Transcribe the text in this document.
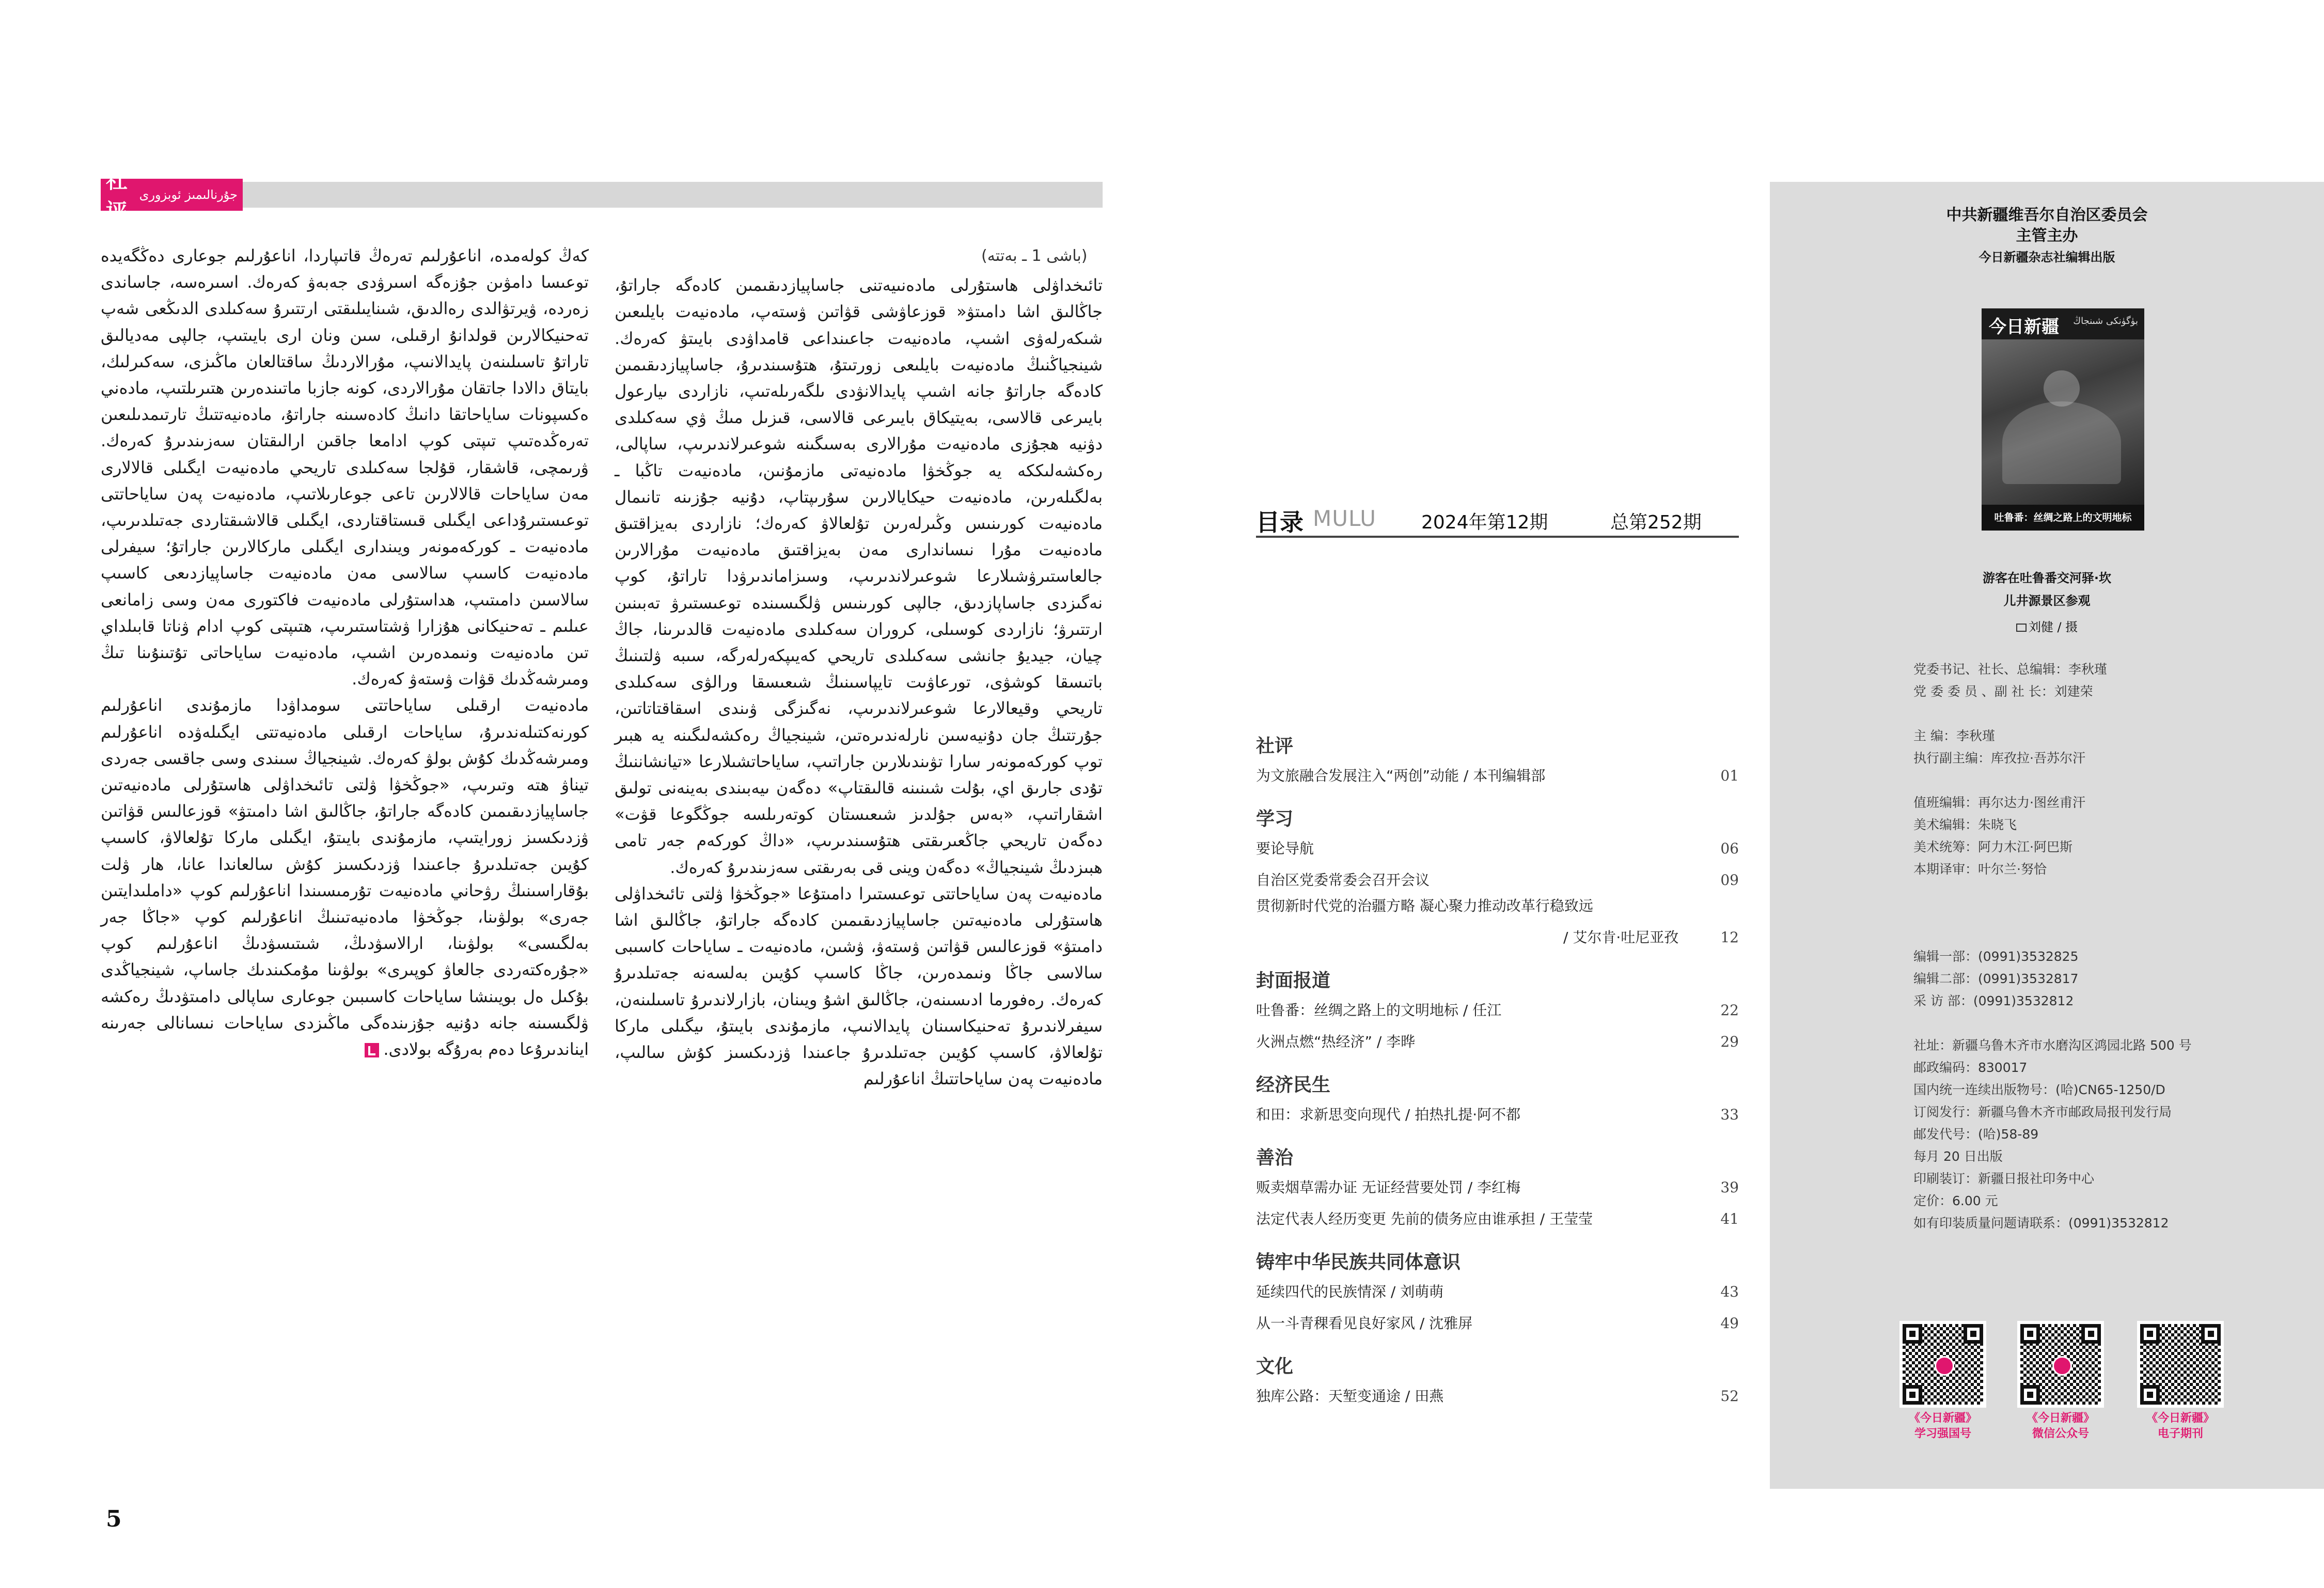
社评
جۇرنالىمىز ئوبزورى
(باشى 1 ـ بەتتە)

تائىخداۋلى ھاستۇرلى مادەنىيەتنى جاساپيازدىقىمىن كادەگە جاراتۇ، جاڭالىق اشا دامىتۋ« قوزعاۋشى قۋاتىن ۋستەپ، مادەنيەت بايلىعىن شىكەرلەۋى اشىپ، مادەنيەت جاعىنداعى قامداۋدى بايىتۋ كەرەك. شينجياڭنىڭ مادەنيەت بايلىعى زورتىتۇ، ھتۇسىندىرۇ، جاساپيازدىقىمىن كادەگە جاراتۇ جانە اشىپ پايدالانۋدى ىلگەرىلەتىپ، نازاردى ىيارعول بايىرعى قالاسى، بەيتيكاق بايىرعى قالاسى، قىزىل مىڭ ۋي سەكىلدى دۋنيە ھجۇزى مادەنيەت مۇرالارى بەسىگىنە شوعىرلاندىرىپ، ساپالى، رەكشەلىككە يە جوڭخۋا مادەنيەتى مازمۇنىن، مادەنيەت تاڭبا ـ بەلگىلەرىن، مادەنيەت حيكايالارىن سۇرىپتاپ، دۇنيە جۇزىنە تانىمال مادەنيەت كورىنىس وڭىرلەرىن تۇلعالاۋ كەرەك؛ نازاردى بەيزاقتىق مادەنيەت مۇرا نىساندارى مەن بەيزاقتىق مادەنيەت مۇرالارىن جالعاستىرۋشىلارعا شوعىرلاندىرىپ، وسىزاماندىرۋدا تاراتۇ، كوپ نەگىزدى جاساپازدىق، جالپى كورىنىس ۋلگىسىندە توعىستىرۋ تەبىنىن ارتتىرۋ؛ نازاردى كوسىلى، كروران سەكىلدى مادەنيەت قالدىرىنا، جاڭ چيان، جيديۇ جانشى سەكىلدى تاريحي كەيىپكەرلەرگە، سىبە ۋلتىنىڭ باتىسقا كوشۋى، تورعاۋىت تايپاسىنىڭ شىعىسقا ورالۋى سەكىلدى تاريحي وقيعالارعا شوعىرلاندىرىپ، نەگىزگى ۋىندى اسقاقتاتاتىن، جۇرتتىڭ جان دۇنيەسىن نارلەندىرەتىن، شينجياڭ رەكشەلىگىنە يە ھبىر توپ كوركەمونەر سارا تۋىندىلارىن جاراتىپ، ساياحاتشىلارعا «تيانشاننىڭ تۇدى جارىق اي، بۇلت شىنىنە قالىقتاپ» دەگەن ىيەبىندى بەينەنى تولىق اشقاراتىپ، «بەس جۇلدىز شىعىستان كوتەرىلسە جوڭگوعا قۋت» دەگەن تاريحي جاڭعىرىقتى ھتۇسىندىرىپ، «داڭ كوركەم جەر تامى ھبىزدىڭ شينجياڭ» دەگەن وينى قى بەرىقتى سەزىندىرۇ كەرەك.

مادەنيەت پەن ساياحاتتى توعىستىرا دامىتۇعا «جوڭخۋا ۋلتى تائىخداۋلى ھاستۇرلى مادەنيەتىن جاساپيازدىقىمىن كادەگە جاراتۇ، جاڭالىق اشا دامىتۋ» قوزعالىس قۋاتىن ۋستەۋ، ۋشىن، مادەنيەت ـ ساياحات كاسىبى سالاسى جاڭا ونىمدەرىن، جاڭا كاسىپ كۇيىن بەلسەنە جەتىلدىرۇ كەرەك. رەفورما ادىسىنەن، جاڭالىق اشۇ ويىنان، بازارلاندىرۇ تاسىلىنەن، سيفرلاندىرۇ تەحنيكاسىنان پايدالانىپ، مازمۇندى بايىتۇ، ىيگىلى ماركا تۇلعالاۋ، كاسىپ كۇيىن جەتىلدىرۇ جاعىندا ۋزدىكسىز كۇش سالىپ، مادەنيەت پەن ساياحاتتىڭ اناعۇرلىم

كەڭ كولەمدە، اناعۇرلىم تەرەڭ قاتىپاردا، اناعۇرلىم جوعارى دەڭگەيدە توعىسا دامۋىن جۇزەگە اسىرۋدى جەبەۋ كەرەك. اسىرەسە، جاساندى زەردە، ۋيرتۋالدى رەالدىق، شىنايىلىقتى ارتتىرۇ سەكىلدى الدىڭعى شەپ تەحنيكالارىن قولدانۇ ارقىلى، سىن ونان ارى بايىتىپ، جالپى مەديالىق تاراتۇ تاسىلىنەن پايدالانىپ، مۇرالاردىڭ ساقتالعان ماڭىزى، سەكىرلىك، بايتاق دالادا جاتقان مۇرالاردى، كونە جازبا ماتىندەرىن ھتىرىلتىپ، مادەني ەكسپونات ساياحاتقا دانىڭ كادەسىنە جاراتۇ، مادەنيەتتىڭ تارتىمدىلىعىن تەرەڭدەتىپ تىپتى كوپ ادامعا جاقىن ارالىقتان سەزىندىرۇ كەرەك. ۋرىمچى، قاشقار، قۇلجا سەكىلدى تاريحي مادەنيەت ايگىلى قالالارى مەن ساياحات قالالارىن تاعى جوعارىلاتىپ، مادەنيەت پەن ساياحاتتى توعىستىرۇداعى ايگىلى قىستاقتاردى، ايگىلى قالاشىقتاردى جەتىلدىرىپ، مادەنيەت ـ كوركەمونەر ويىندارى ايگىلى ماركالارىن جاراتۇ؛ سيفرلى مادەنيەت كاسىپ سالاسى مەن مادەنيەت جاساپيازدىعى كاسىپ سالاسىن دامىتىپ، ھداستۇرلى مادەنيەت فاكتورى مەن وسى زامانعى عىلىم ـ تەحنيكانى ھۇزارا ۋشتاستىرىپ، ھتىپتى كوپ ادام ۋناتا قابىلداي تىن مادەنيەت ونىمدەرىن اشىپ، مادەنيەت ساياحاتى تۇتىنۇىنا تىڭ ومىرشەڭدىك قۋات ۋستەۋ كەرەك.

مادەنيەت ارقىلى ساياحاتتى سومداۋدا مازمۇندى اناعۇرلىم كورنەكتىلەندىرۇ، ساياحات ارقىلى مادەنيەتتى ايگىلەۋدە اناعۇرلىم ومىرشەڭدىك كۇش بولۋ كەرەك. شينجياڭ سىندى وسى جاقسى جەردى تيناۋ ھتە وتىرىپ، «جوڭخۋا ۋلتى تائىخداۋلى ھاستۇرلى مادەنيەتىن جاساپيازدىقىمىن كادەگە جاراتۇ، جاڭالىق اشا دامىتۋ» قوزعالىس قۋاتىن ۋزدىكسىز زورايتىپ، مازمۇندى بايىتۇ، ايگىلى ماركا تۇلعالاۋ، كاسىپ كۇيىن جەتىلدىرۇ جاعىندا ۋزدىكسىز كۇش سالعاندا عانا، ھار ۋلت بۇقاراسىنىڭ رۋحاني مادەنيەت تۇرمىسىندا اناعۇرلىم كوپ «داملىدايتىن جەرى» بولۋىنا، جوڭخۋا مادەنيەتىنىڭ اناعۇرلىم كوپ «جاڭا جەر بەلگىسى» بولۋىنا، ارالاسۋدىڭ، شىتىسۋدىڭ اناعۇرلىم كوپ «جۇرەكتەردى جالعاۋ كوپىرى» بولۋىنا مۇمكىندىك جاساپ، شينجياڭدى بۇكىل ەل بويىنشا ساياحات كاسىبىن جوعارى ساپالى دامىتۋدىڭ رەكشە ۋلگىسىنە جانە دۇنيە جۇزىندەگى ماڭىزدى ساياحات نىسانالى جەرىنە ايناندىرۇعا دەم بەرۇگە بولادى.

5
目录 MULU 2024年第12期	总第252期
社评
为文旅融合发展注入“两创”动能 / 本刊编辑部	01
学习
要论导航	06
自治区党委常委会召开会议	09
贯彻新时代党的治疆方略 凝心聚力推动改革行稳致远
/ 艾尔肯·吐尼亚孜	12
封面报道
吐鲁番：丝绸之路上的文明地标 / 任江	22
火洲点燃“热经济” / 李晔	29
经济民生
和田：求新思变向现代 / 拍热扎提·阿不都	33
善治
贩卖烟草需办证 无证经营要处罚 / 李红梅	39
法定代表人经历变更 先前的债务应由谁承担 / 王莹莹	41
铸牢中华民族共同体意识
延续四代的民族情深 / 刘萌萌	43
从一斗青稞看见良好家风 / 沈雅屏	49
文化
独库公路：天堑变通途 / 田燕	52
中共新疆维吾尔自治区委员会
主管主办
今日新疆杂志社编辑出版
今日新疆 بۈگۈنكى شىنجاڭ
吐鲁番：丝绸之路上的文明地标
游客在吐鲁番交河驿·坎
儿井源景区参观
刘健 / 摄
党委书记、社长、总编辑：李秋瑾
党 委 委 员 、副 社 长：刘建荣
主 编：李秋瑾
执行副主编：库孜拉·吾苏尔汗
值班编辑：再尔达力·图丝甫汗
美术编辑：朱晓飞
美术统筹：阿力木江·阿巴斯
本期译审：叶尔兰·努恰
编辑一部：(0991)3532825
编辑二部：(0991)3532817
采 访 部：(0991)3532812
社址：新疆乌鲁木齐市水磨沟区鸿园北路 500 号
邮政编码：830017
国内统一连续出版物号：(哈)CN65-1250/D
订阅发行：新疆乌鲁木齐市邮政局报刊发行局
邮发代号：(哈)58-89
每月 20 日出版
印刷装订：新疆日报社印务中心
定价：6.00 元
如有印装质量问题请联系：(0991)3532812
《今日新疆》
学习强国号
《今日新疆》
微信公众号
《今日新疆》
电子期刊
